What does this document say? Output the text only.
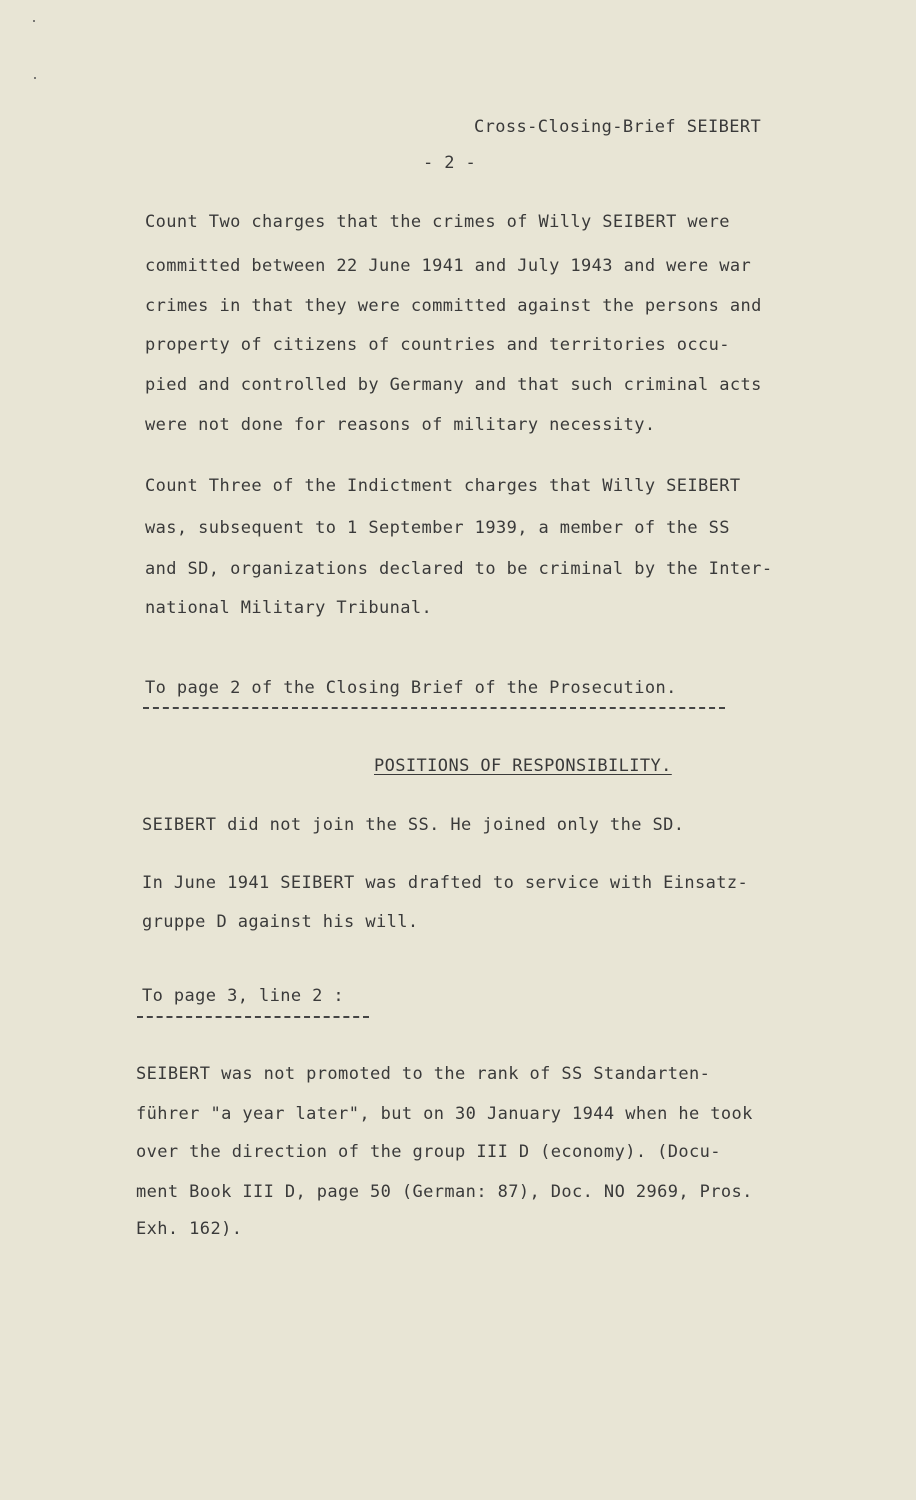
Cross-Closing-Brief SEIBERT
- 2 -
Count Two charges that the crimes of Willy SEIBERT were
committed between 22 June 1941 and July 1943 and were war
crimes in that they were committed against the persons and
property of citizens of countries and territories occu-
pied and controlled by Germany and that such criminal acts
were not done for reasons of military necessity.
Count Three of the Indictment charges that Willy SEIBERT
was, subsequent to 1 September 1939, a member of the SS
and SD, organizations declared to be criminal by the Inter-
national Military Tribunal.
To page 2 of the Closing Brief of the Prosecution.
POSITIONS OF RESPONSIBILITY.
SEIBERT did not join the SS. He joined only the SD.
In June 1941 SEIBERT was drafted to service with Einsatz-
gruppe D against his will.
To page 3, line 2 :
SEIBERT was not promoted to the rank of SS Standarten-
führer "a year later", but on 30 January 1944 when he took
over the direction of the group III D (economy). (Docu-
ment Book III D, page 50 (German: 87), Doc. NO 2969, Pros.
Exh. 162).
